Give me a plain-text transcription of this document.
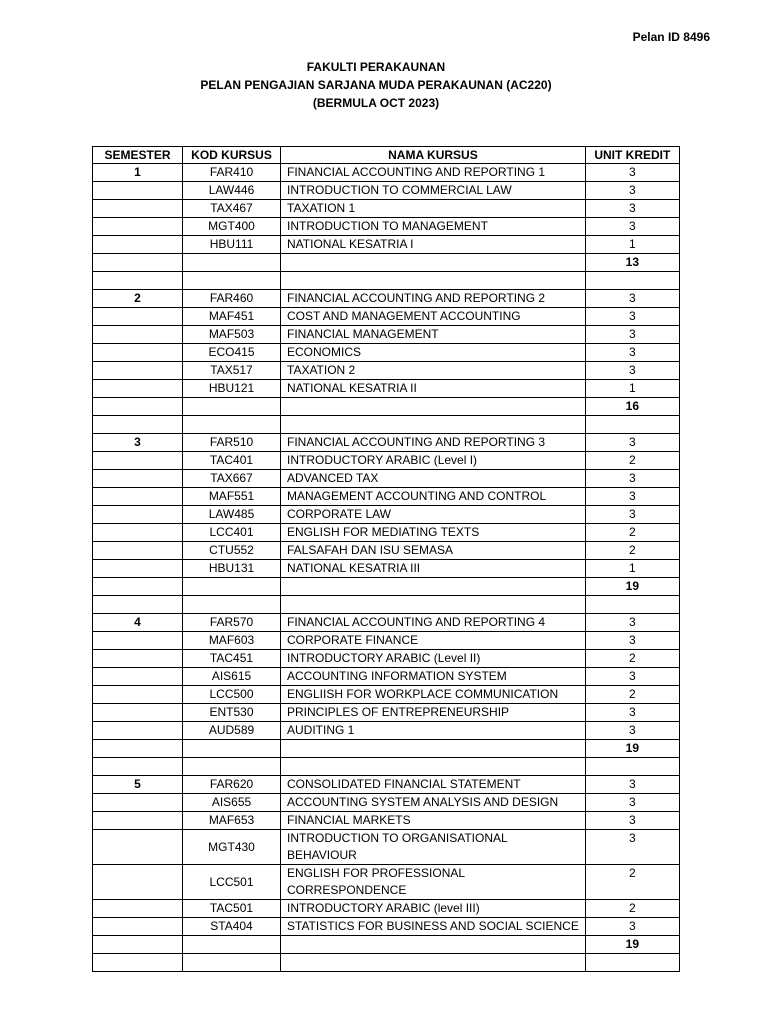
Pelan ID 8496
FAKULTI PERAKAUNAN
PELAN PENGAJIAN SARJANA MUDA PERAKAUNAN (AC220)
(BERMULA OCT 2023)
SEMESTER	KOD KURSUS	NAMA KURSUS	UNIT KREDIT
1	FAR410	FINANCIAL ACCOUNTING AND REPORTING 1	3
	LAW446	INTRODUCTION TO COMMERCIAL LAW	3
	TAX467	TAXATION 1	3
	MGT400	INTRODUCTION TO MANAGEMENT	3
	HBU111	NATIONAL KESATRIA I	1
			13

2	FAR460	FINANCIAL ACCOUNTING AND REPORTING 2	3
	MAF451	COST AND MANAGEMENT ACCOUNTING	3
	MAF503	FINANCIAL MANAGEMENT	3
	ECO415	ECONOMICS	3
	TAX517	TAXATION 2	3
	HBU121	NATIONAL KESATRIA II	1
			16

3	FAR510	FINANCIAL ACCOUNTING AND REPORTING 3	3
	TAC401	INTRODUCTORY ARABIC (Level I)	2
	TAX667	ADVANCED TAX	3
	MAF551	MANAGEMENT ACCOUNTING AND CONTROL	3
	LAW485	CORPORATE LAW	3
	LCC401	ENGLISH FOR MEDIATING TEXTS	2
	CTU552	FALSAFAH DAN ISU SEMASA	2
	HBU131	NATIONAL KESATRIA III	1
			19

4	FAR570	FINANCIAL ACCOUNTING AND REPORTING 4	3
	MAF603	CORPORATE FINANCE	3
	TAC451	INTRODUCTORY ARABIC (Level II)	2
	AIS615	ACCOUNTING INFORMATION SYSTEM	3
	LCC500	ENGLIISH FOR WORKPLACE COMMUNICATION	2
	ENT530	PRINCIPLES OF ENTREPRENEURSHIP	3
	AUD589	AUDITING 1	3
			19

5	FAR620	CONSOLIDATED FINANCIAL STATEMENT	3
	AIS655	ACCOUNTING SYSTEM ANALYSIS AND DESIGN	3
	MAF653	FINANCIAL MARKETS	3
	MGT430	INTRODUCTION TO ORGANISATIONAL BEHAVIOUR	3
	LCC501	ENGLISH FOR PROFESSIONAL CORRESPONDENCE	2
	TAC501	INTRODUCTORY ARABIC (level III)	2
	STA404	STATISTICS FOR BUSINESS AND SOCIAL SCIENCE	3
			19
